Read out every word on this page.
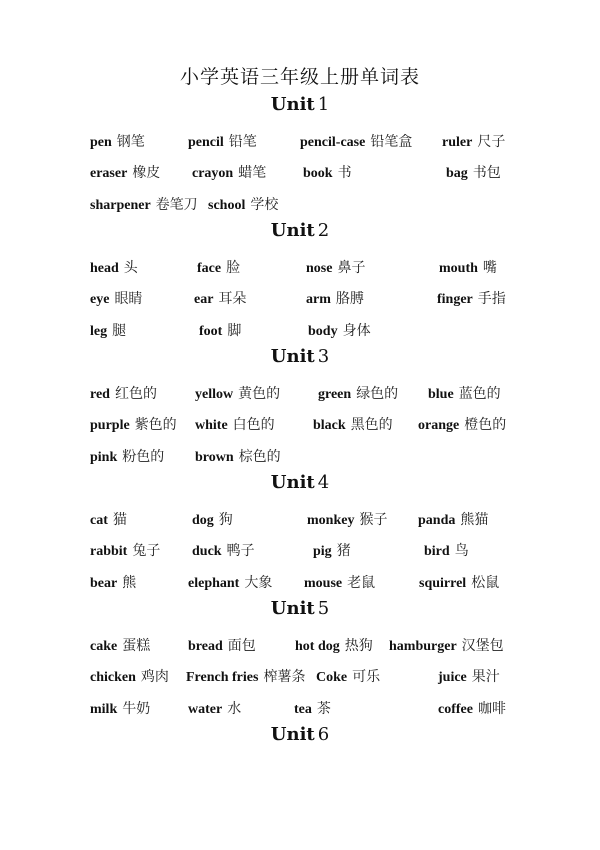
小学英语三年级上册单词表
Unit 1
pen 钢笔	pencil 铅笔	pencil-case 铅笔盒 ruler 尺子
eraser 橡皮 crayon 蜡笔	book 书	bag 书包
sharpener 卷笔刀 school 学校
Unit 2
head 头	face 脸	nose 鼻子	mouth 嘴
eye 眼睛	ear 耳朵	arm 胳膊	finger 手指
leg 腿	foot 脚	body 身体
Unit 3
red 红色的	yellow 黄色的	green 绿色的 blue 蓝色的
purple 紫色的 white 白色的	black 黑色的 orange 橙色的
pink 粉色的 brown 棕色的
Unit 4
cat 猫	dog 狗	monkey 猴子 panda 熊猫
rabbit 兔子 duck 鸭子	pig 猪	bird 鸟
bear 熊	elephant 大象 mouse 老鼠	squirrel 松鼠
Unit 5
cake 蛋糕	bread 面包	hot dog 热狗 hamburger 汉堡包
chicken 鸡肉 French fries 榨薯条 Coke 可乐	juice 果汁
milk 牛奶	water 水	tea 茶	coffee 咖啡
Unit 6
